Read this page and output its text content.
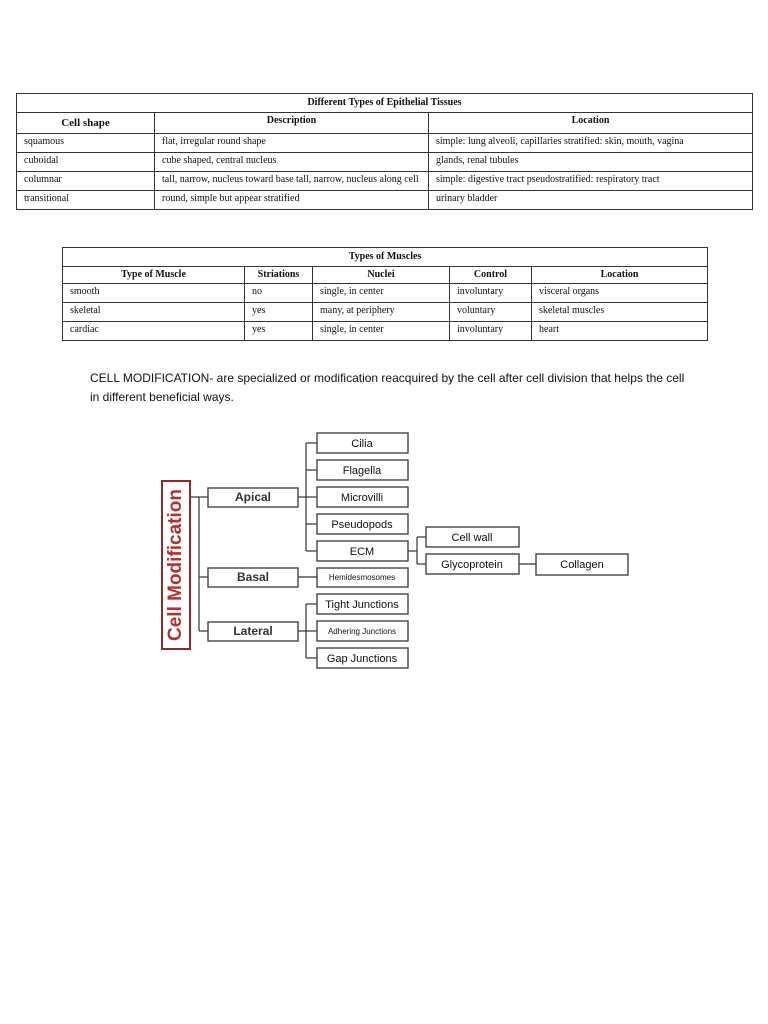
Different Types of Epithelial Tissues		
Cell shape	Description	Location
squamous	flat, irregular round shape	simple: lung alveoli, capillaries stratified: skin, mouth, vagina
cuboidal	cube shaped, central nucleus	glands, renal tubules
columnar	tall, narrow, nucleus toward base tall, narrow, nucleus along cell	simple: digestive tract pseudostratified: respiratory tract
transitional	round, simple but appear stratified	urinary bladder
Types of Muscles				
Type of Muscle	Striations	Nuclei	Control	Location
smooth	no	single, in center	involuntary	visceral organs
skeletal	yes	many, at periphery	voluntary	skeletal muscles
cardiac	yes	single, in center	involuntary	heart
CELL MODIFICATION- are specialized or modification reacquired by the cell after cell division that helps the cell in different beneficial ways.
Cell Modification	Apical
Basal
Lateral
Cilia
Flagella
Microvilli
Pseudopods
ECM
Hemidesmosomes
Tight Junctions
Adhering Junctions
Gap Junctions
Cell wall
Glycoprotein	Collagen
